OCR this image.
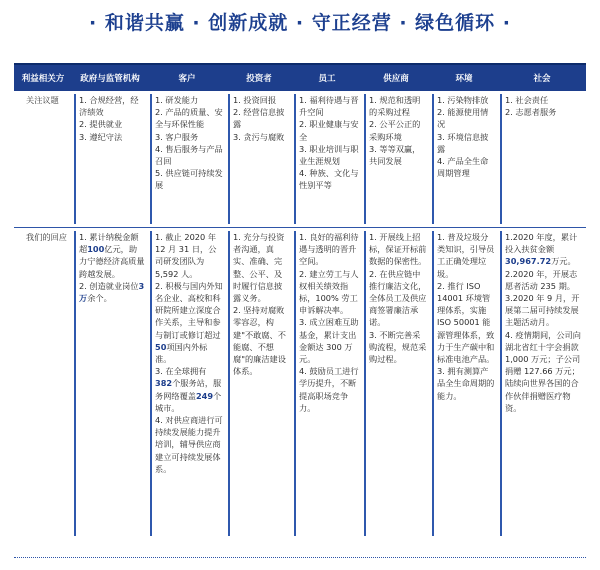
· 和谐共赢 · 创新成就 · 守正经营 · 绿色循环 ·
利益相关方	政府与监管机构	客户	投资者	员工	供应商	环境	社会
关注议题	1. 合规经营，经济绩效
2. 提供就业
3. 遵纪守法	1. 研发能力
2. 产品的质量、安全与环保性能
3. 客户服务
4. 售后服务与产品召回
5. 供应链可持续发展	1. 投资回报
2. 经营信息披露
3. 贪污与腐败	1. 福利待遇与晋升空间
2. 职业健康与安全
3. 职业培训与职业生涯规划
4. 种族、文化与性别平等	1. 规范和透明的采购过程
2. 公平公正的采购环境
3. 等等双赢，共同发展	1. 污染物排放
2. 能源使用情况
3. 环境信息披露
4. 产品全生命周期管理	1. 社会责任
2. 志愿者服务

我们的回应	1. 累计纳税金额超100亿元，助力宁德经济高质量跨越发展。
2. 创造就业岗位3 万余个。	1. 截止 2020 年 12 月 31 日，公司研发团队为 5,592 人。
2. 积极与国内外知名企业、高校和科研院所建立深度合作关系，主导和参与制订或修订超过50项国内外标准。
3. 在全球拥有382个服务站，服务网络覆盖249个城市。
4. 对供应商进行可持续发展能力提升培训，辅导供应商建立可持续发展体系。	1. 充分与投资者沟通，真实、准确、完整、公平、及时履行信息披露义务。
2. 坚持对腐败零容忍，构建"不敢腐、不能腐、不想腐"的廉洁建设体系。	1. 良好的福利待遇与透明的晋升空间。
2. 建立劳工与人权相关绩效指标，100% 劳工申诉解决率。
3. 成立困难互助基金，累计支出金额达 300 万元。
4. 鼓励员工进行学历提升，不断提高职场竞争力。	1. 开展线上招标，保证开标前数据的保密性。
2. 在供应链中推行廉洁文化，全体员工及供应商签署廉洁承诺。
3. 不断完善采购流程，规范采购过程。	1. 普及垃圾分类知识，引导员工正确处理垃圾。
2. 推行 ISO 14001 环境管理体系，实施 ISO 50001 能源管理体系，致力于生产碳中和标准电池产品。
3. 拥有测算产品全生命周期的能力。	1.2020 年度，累计投入扶贫金额30,967.72万元。
2.2020 年，开展志愿者活动 235 期。
3.2020 年 9 月，开展第二届可持续发展主题活动月。
4. 疫情期间，公司向湖北省红十字会捐款 1,000 万元；子公司捐赠 127.66 万元；陆续向世界各国的合作伙伴捐赠医疗物资。
